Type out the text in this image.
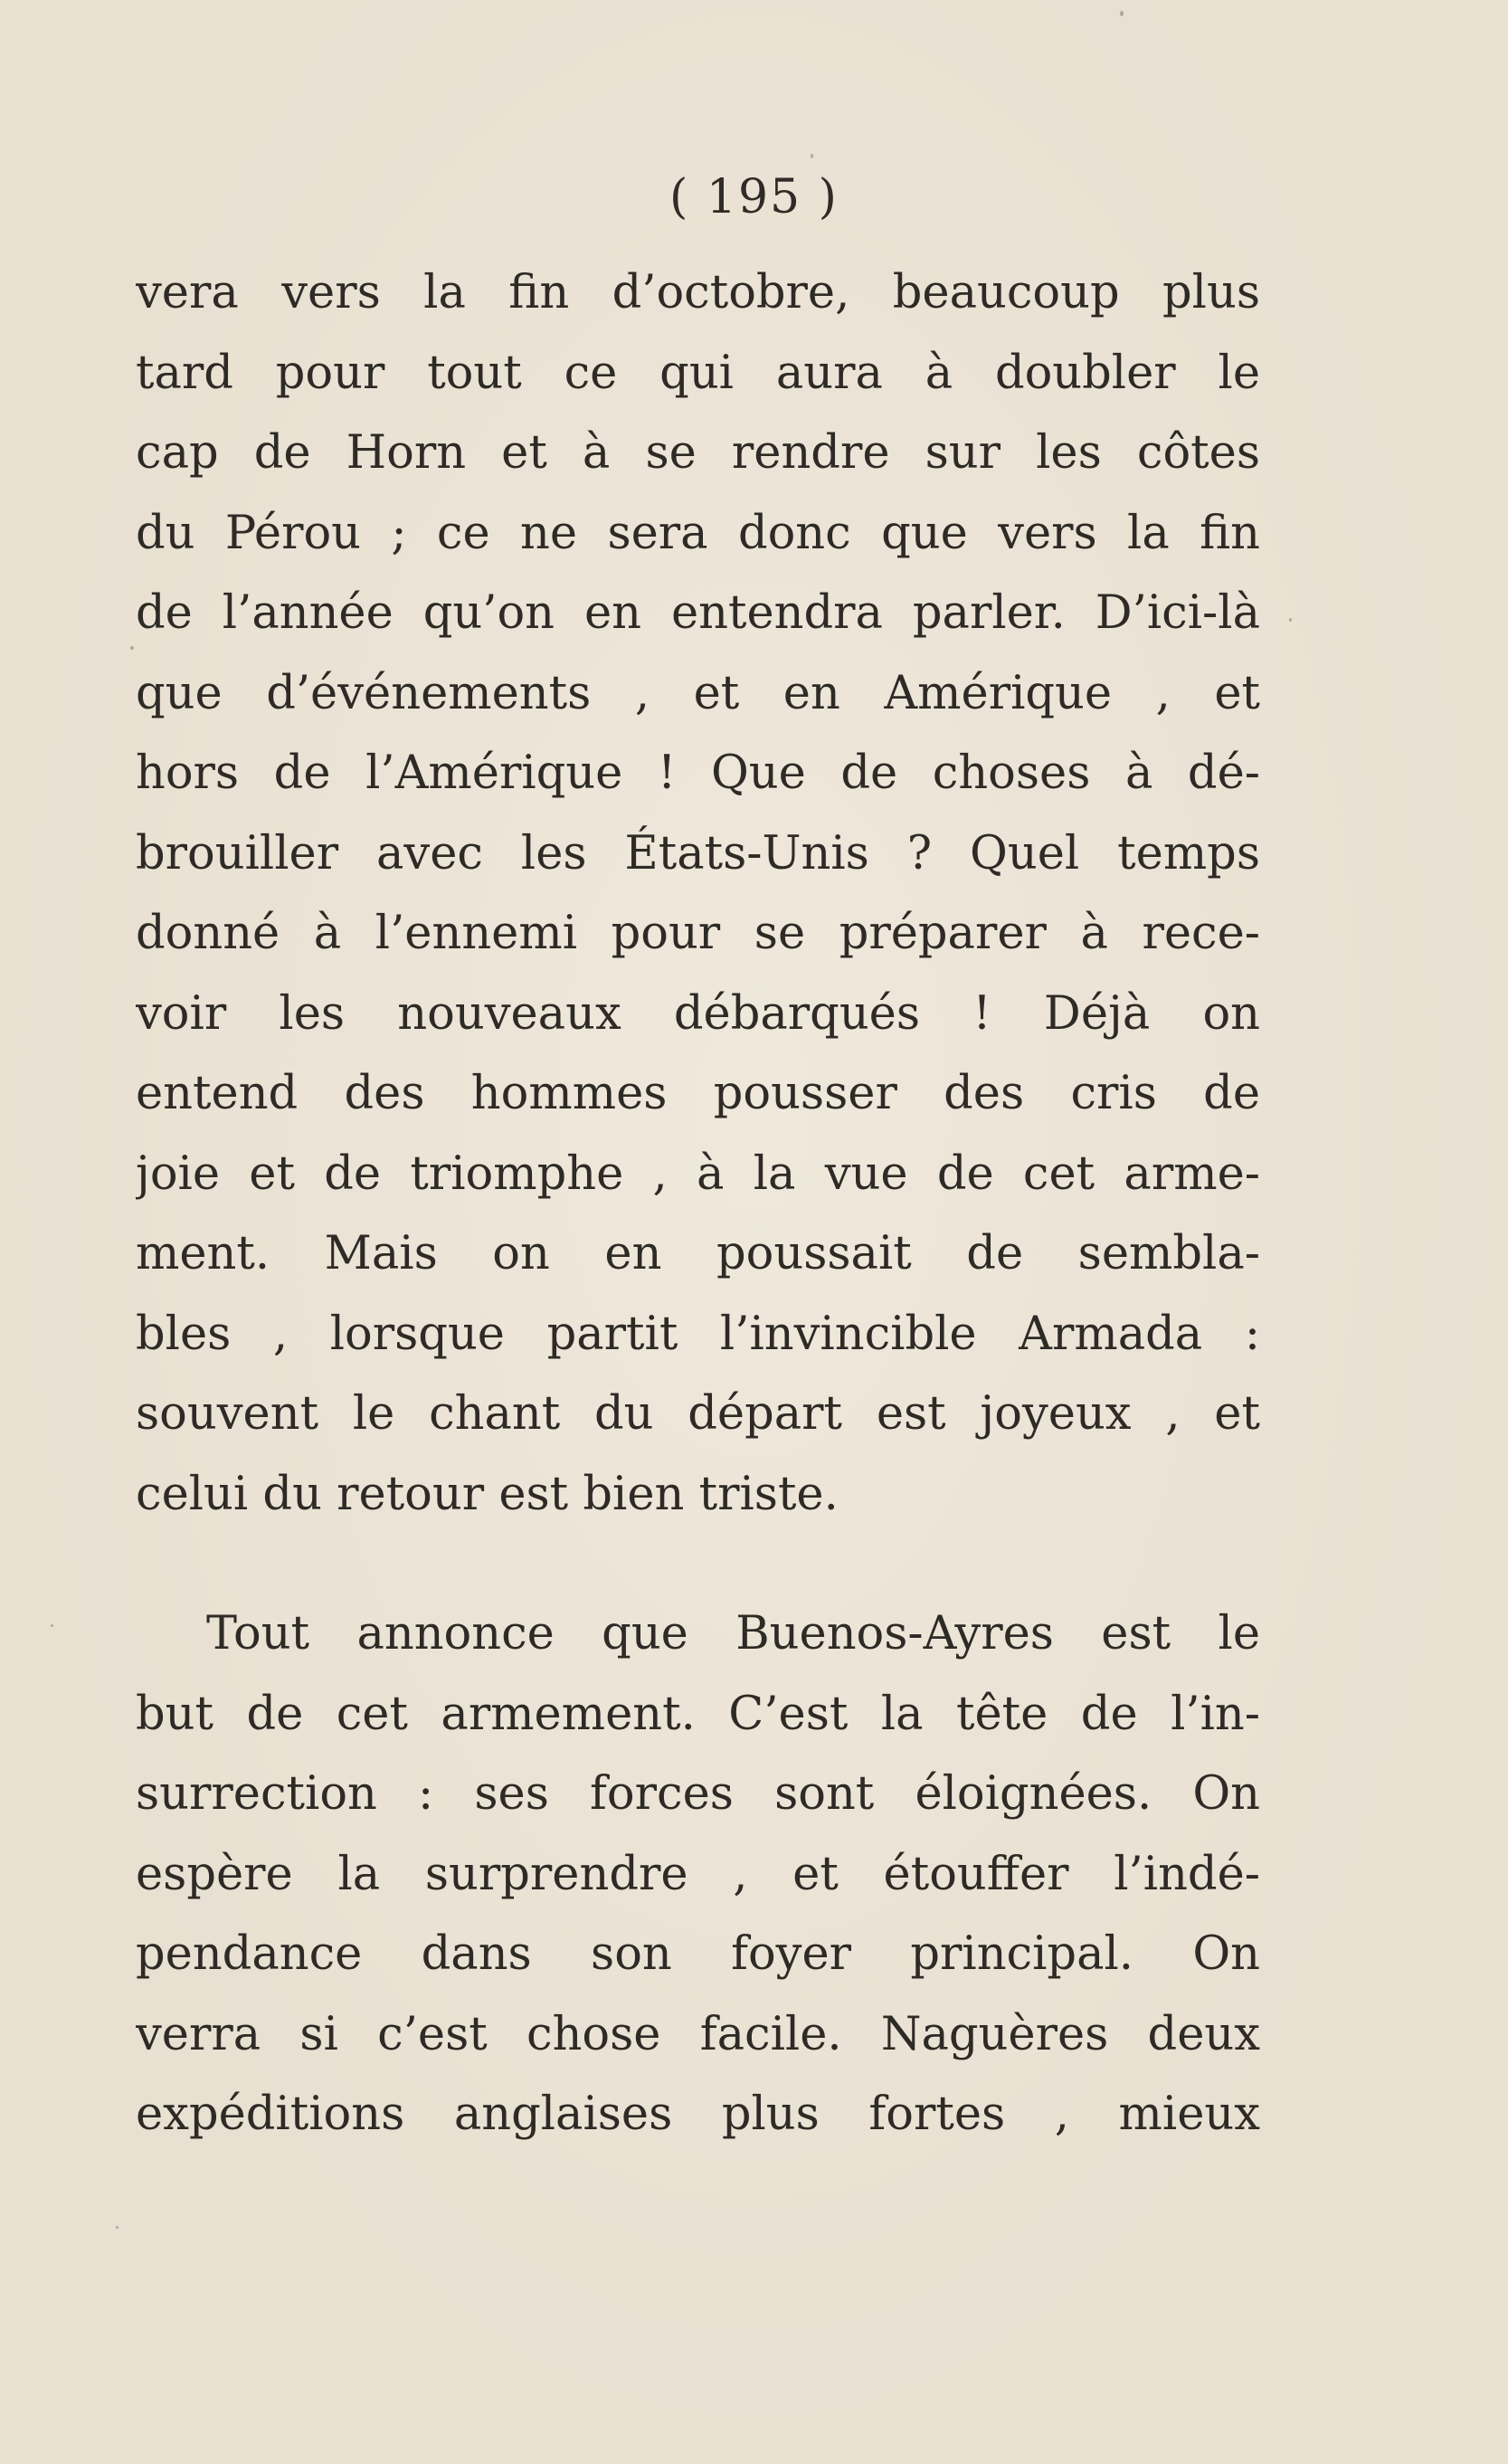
( 195 )

vera vers la fin d’octobre, beaucoup plus
tard pour tout ce qui aura à doubler le
cap de Horn et à se rendre sur les côtes
du Pérou ; ce ne sera donc que vers la fin
de l’année qu’on en entendra parler. D’ici-là
que d’événements , et en Amérique , et
hors de l’Amérique ! Que de choses à dé-
brouiller avec les États-Unis ? Quel temps
donné à l’ennemi pour se préparer à rece-
voir les nouveaux débarqués ! Déjà on
entend des hommes pousser des cris de
joie et de triomphe , à la vue de cet arme-
ment. Mais on en poussait de sembla-
bles , lorsque partit l’invincible Armada :
souvent le chant du départ est joyeux , et
celui du retour est bien triste.
Tout annonce que Buenos-Ayres est le
but de cet armement. C’est la tête de l’in-
surrection : ses forces sont éloignées. On
espère la surprendre , et étouffer l’indé-
pendance dans son foyer principal. On
verra si c’est chose facile. Naguères deux
expéditions anglaises plus fortes , mieux
